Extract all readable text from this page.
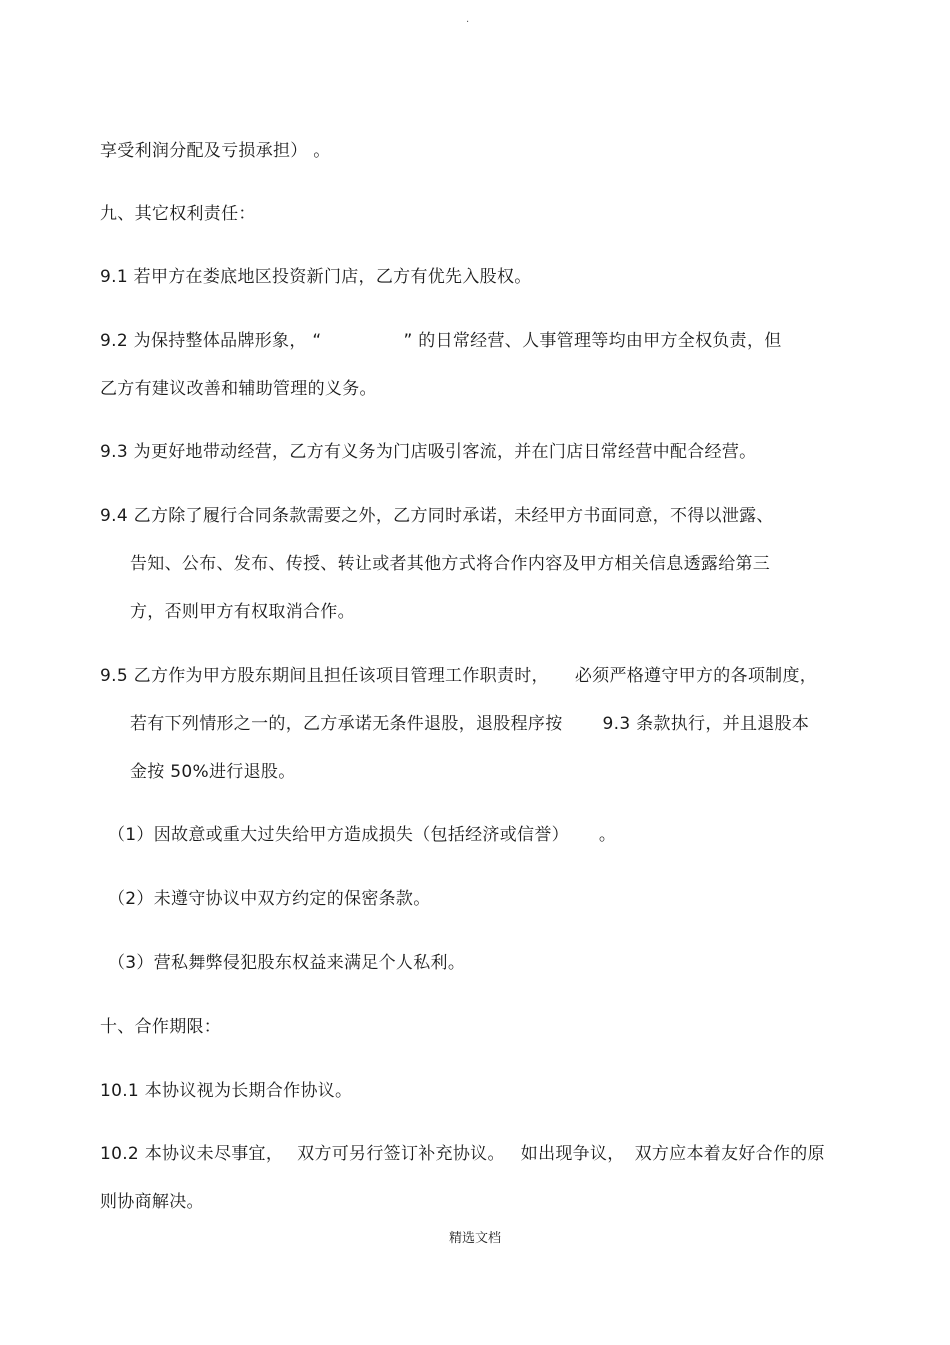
.
享受利润分配及亏损承担） 。
九、其它权利责任：
9.1 若甲方在娄底地区投资新门店，乙方有优先入股权。
9.2 为保持整体品牌形象， “	” 的日常经营、人事管理等均由甲方全权负责，但
乙方有建议改善和辅助管理的义务。
9.3 为更好地带动经营，乙方有义务为门店吸引客流，并在门店日常经营中配合经营。
9.4 乙方除了履行合同条款需要之外，乙方同时承诺，未经甲方书面同意，不得以泄露、
告知、公布、发布、传授、转让或者其他方式将合作内容及甲方相关信息透露给第三
方，否则甲方有权取消合作。
9.5 乙方作为甲方股东期间且担任该项目管理工作职责时， 必须严格遵守甲方的各项制度，
若有下列情形之一的，乙方承诺无条件退股，退股程序按 9.3 条款执行，并且退股本
金按 50%进行退股。
（1）因故意或重大过失给甲方造成损失（包括经济或信誉） 。
（2）未遵守协议中双方约定的保密条款。
（3）营私舞弊侵犯股东权益来满足个人私利。
十、合作期限：
10.1 本协议视为长期合作协议。
10.2 本协议未尽事宜， 双方可另行签订补充协议。 如出现争议， 双方应本着友好合作的原
则协商解决。
精选文档
